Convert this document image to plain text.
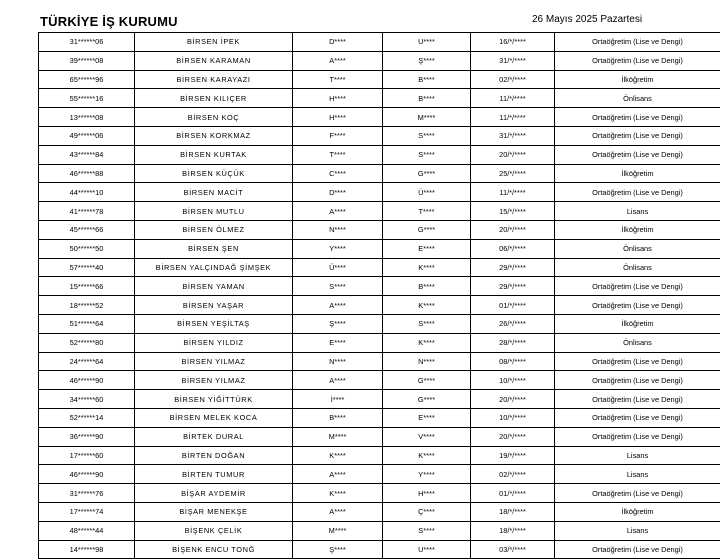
TÜRKİYE İŞ KURUMU	26 Mayıs 2025 Pazartesi
31******06	BİRSEN İPEK	D****	U****	16/*/****	Ortaöğretim (Lise ve Dengi)
39******08	BİRSEN KARAMAN	A****	Ş****	31/*/****	Ortaöğretim (Lise ve Dengi)
65******96	BİRSEN KARAYAZI	T****	B****	02/*/****	İlköğretim
55******16	BİRSEN KILIÇER	H****	B****	11/*/****	Önlisans
13******08	BİRSEN KOÇ	H****	M****	11/*/****	Ortaöğretim (Lise ve Dengi)
49******06	BİRSEN KORKMAZ	F****	S****	31/*/****	Ortaöğretim (Lise ve Dengi)
43******84	BİRSEN KURTAK	T****	S****	20/*/****	Ortaöğretim (Lise ve Dengi)
46******88	BİRSEN KÜÇÜK	C****	G****	25/*/****	İlköğretim
44******10	BİRSEN MACİT	D****	Ü****	11/*/****	Ortaöğretim (Lise ve Dengi)
41******78	BİRSEN MUTLU	A****	T****	15/*/****	Lisans
45******66	BİRSEN ÖLMEZ	N****	G****	20/*/****	İlköğretim
50******50	BİRSEN ŞEN	Y****	E****	06/*/****	Önlisans
57******40	BİRSEN YALÇINDAĞ ŞİMŞEK	Ü****	K****	29/*/****	Önlisans
15******66	BİRSEN YAMAN	S****	B****	29/*/****	Ortaöğretim (Lise ve Dengi)
18******52	BİRSEN YAŞAR	A****	K****	01/*/****	Ortaöğretim (Lise ve Dengi)
51******64	BİRSEN YEŞİLTAŞ	Ş****	S****	26/*/****	İlköğretim
52******80	BİRSEN YILDIZ	E****	K****	28/*/****	Önlisans
24******64	BİRSEN YILMAZ	N****	N****	08/*/****	Ortaöğretim (Lise ve Dengi)
46******90	BİRSEN YILMAZ	A****	G****	10/*/****	Ortaöğretim (Lise ve Dengi)
34******60	BİRSEN YİĞİTTÜRK	İ****	G****	20/*/****	Ortaöğretim (Lise ve Dengi)
52******14	BİRSEN MELEK KOCA	B****	E****	10/*/****	Ortaöğretim (Lise ve Dengi)
36******90	BİRTEK DURAL	M****	V****	20/*/****	Ortaöğretim (Lise ve Dengi)
17******60	BİRTEN DOĞAN	K****	K****	19/*/****	Lisans
46******90	BİRTEN TUMUR	A****	Y****	02/*/****	Lisans
31******76	BİŞAR AYDEMİR	K****	H****	01/*/****	Ortaöğretim (Lise ve Dengi)
17******74	BİŞAR MENEKŞE	A****	Ç****	18/*/****	İlköğretim
48******44	BİŞENK ÇELİK	M****	S****	18/*/****	Lisans
14******98	BİŞENK ENCU TONĞ	Ş****	U****	03/*/****	Ortaöğretim (Lise ve Dengi)
